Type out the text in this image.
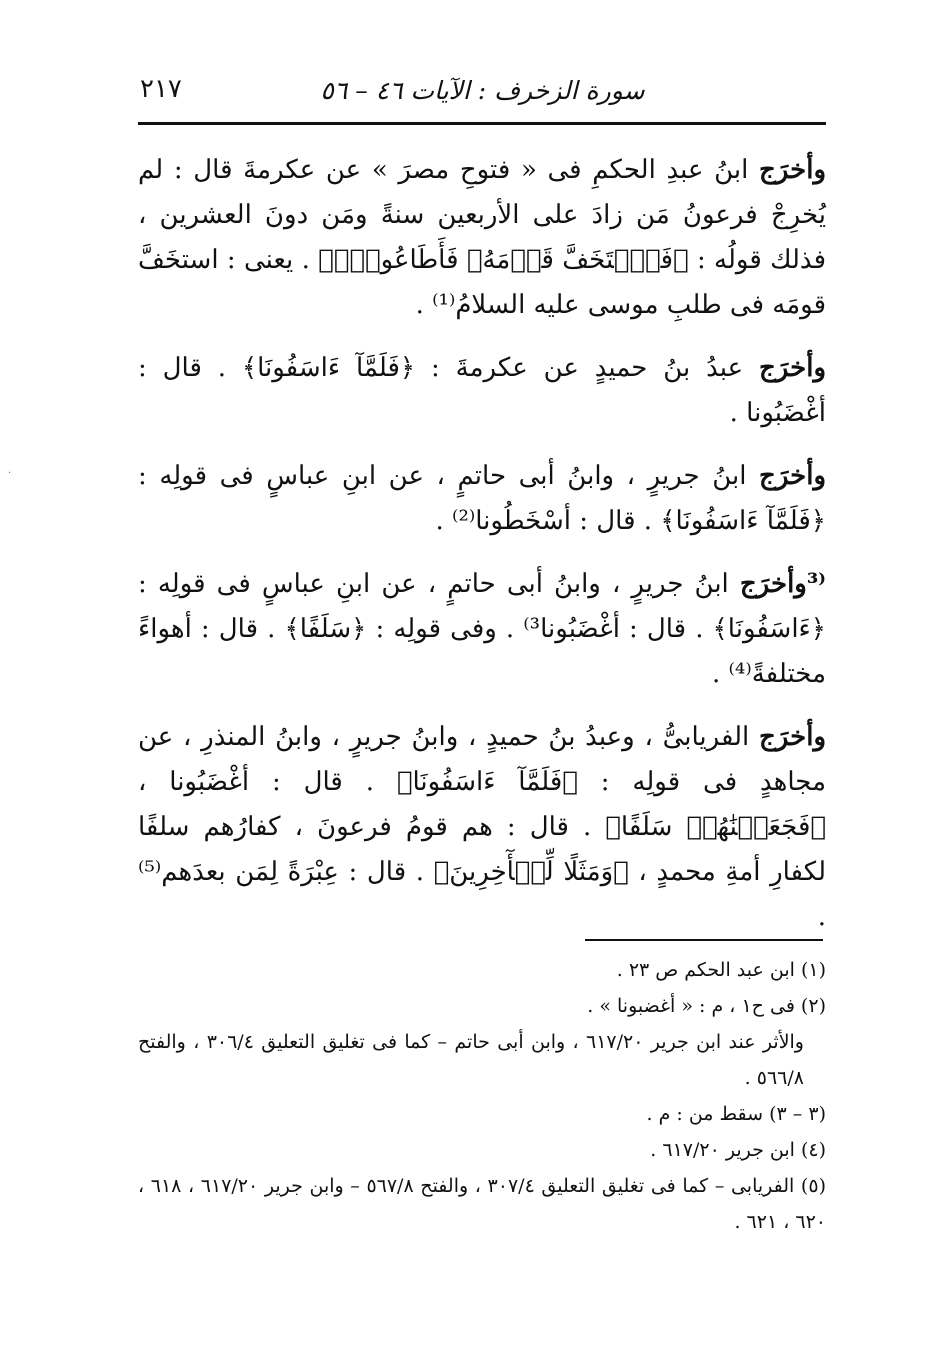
٢١٧	سورة الزخرف : الآيات ٤٦ – ٥٦

وأخرَج ابنُ عبدِ الحكمِ فى « فتوحِ مصرَ » عن عكرمةَ قال : لم يُخرِجْ فرعونُ مَن زادَ على الأربعين سنةً ومَن دونَ العشرين ، فذلك قولُه : ﴿فَٱسۡتَخَفَّ قَوۡمَهُۥ فَأَطَاعُوهُۚ﴾ . يعنى : استخَفَّ قومَه فى طلبِ موسى عليه السلامُ⁽¹⁾ .

وأخرَج عبدُ بنُ حميدٍ عن عكرمةَ : ﴿فَلَمَّآ ءَاسَفُونَا﴾ . قال : أغْضَبُونا .

وأخرَج ابنُ جريرٍ ، وابنُ أبى حاتمٍ ، عن ابنِ عباسٍ فى قولِه : ﴿فَلَمَّآ ءَاسَفُونَا﴾ . قال : أسْخَطُونا⁽²⁾ .

⁽³وأخرَج ابنُ جريرٍ ، وابنُ أبى حاتمٍ ، عن ابنِ عباسٍ فى قولِه : ﴿ءَاسَفُونَا﴾ . قال : أغْضَبُونا³⁾ . وفى قولِه : ﴿سَلَفًا﴾ . قال : أهواءً مختلفةً⁽⁴⁾ .

وأخرَج الفريابىُّ ، وعبدُ بنُ حميدٍ ، وابنُ جريرٍ ، وابنُ المنذرِ ، عن مجاهدٍ فى قولِه : ﴿فَلَمَّآ ءَاسَفُونَا﴾ . قال : أغْضَبُونا ، ﴿فَجَعَلۡنَٰهُمۡ سَلَفًا﴾ . قال : هم قومُ فرعونَ ، كفارُهم سلفًا لكفارِ أمةِ محمدٍ ، ﴿وَمَثَلًا لِّلۡأٓخِرِينَ﴾ . قال : عِبْرَةً لِمَن بعدَهم⁽⁵⁾ .

(١) ابن عبد الحكم ص ٢٣ .

(٢) فى ح١ ، م : « أغضبونا » .

والأثر عند ابن جرير ٦١٧/٢٠ ، وابن أبى حاتم – كما فى تغليق التعليق ٣٠٦/٤ ، والفتح ٥٦٦/٨ .

(٣ – ٣) سقط من : م .

(٤) ابن جرير ٦١٧/٢٠ .

(٥) الفريابى – كما فى تغليق التعليق ٣٠٧/٤ ، والفتح ٥٦٧/٨ – وابن جرير ٦١٧/٢٠ ، ٦١٨ ، ٦٢٠ ، ٦٢١ .

·
